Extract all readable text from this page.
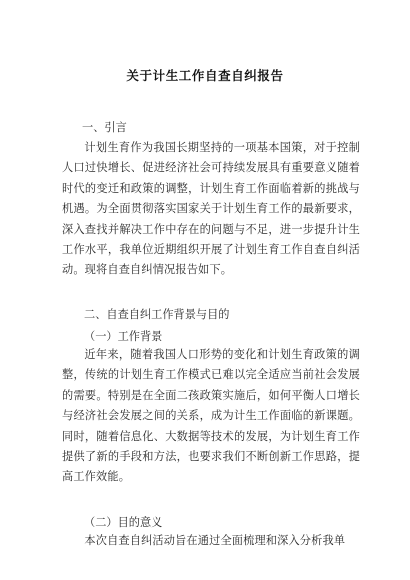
关于计生工作自查自纠报告
一、引言

计划生育作为我国长期坚持的一项基本国策，对于控制人口过快增长、促进经济社会可持续发展具有重要意义随着时代的变迁和政策的调整，计划生育工作面临着新的挑战与机遇。为全面贯彻落实国家关于计划生育工作的最新要求，深入查找并解决工作中存在的问题与不足，进一步提升计生工作水平，我单位近期组织开展了计划生育工作自查自纠活动。现将自查自纠情况报告如下。

二、自查自纠工作背景与目的
（一）工作背景

近年来，随着我国人口形势的变化和计划生育政策的调整，传统的计划生育工作模式已难以完全适应当前社会发展的需要。特别是在全面二孩政策实施后，如何平衡人口增长与经济社会发展之间的关系，成为计生工作面临的新课题。同时，随着信息化、大数据等技术的发展，为计划生育工作提供了新的手段和方法，也要求我们不断创新工作思路，提高工作效能。

（二）目的意义

本次自查自纠活动旨在通过全面梳理和深入分析我单
